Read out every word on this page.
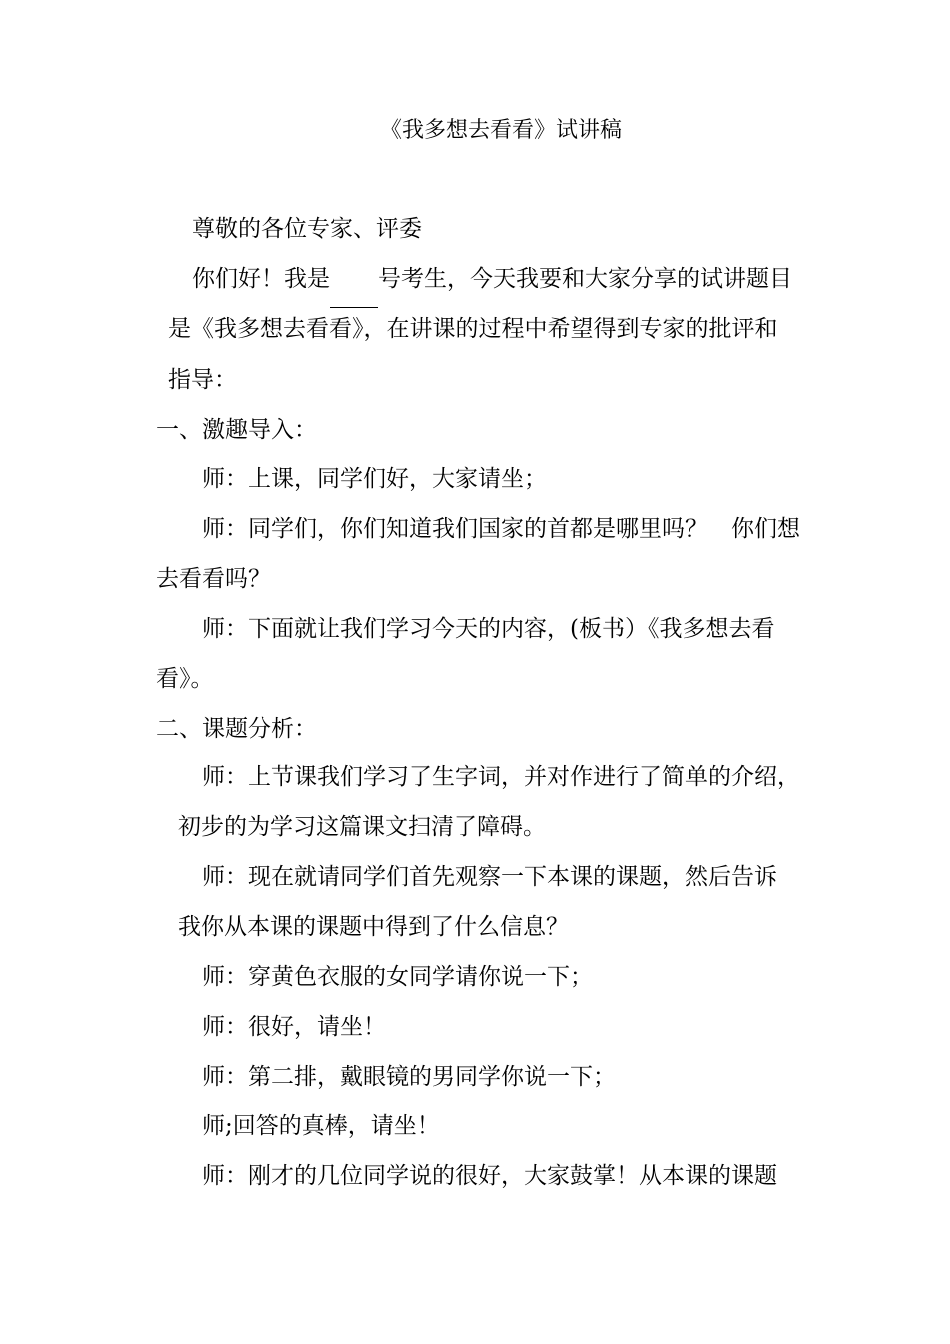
《我多想去看看》试讲稿
尊敬的各位专家、评委
你们好！我是 号考生，今天我要和大家分享的试讲题目
是《我多想去看看》，在讲课的过程中希望得到专家的批评和
指导：
一、激趣导入：
师：上课，同学们好，大家请坐；
师：同学们，你们知道我们国家的首都是哪里吗？　你们想
去看看吗？
师：下面就让我们学习今天的内容，(板书）《我多想去看
看》。
二、课题分析：
师：上节课我们学习了生字词，并对作进行了简单的介绍，
初步的为学习这篇课文扫清了障碍。
师：现在就请同学们首先观察一下本课的课题，然后告诉
我你从本课的课题中得到了什么信息？
师：穿黄色衣服的女同学请你说一下；
师：很好，请坐！
师：第二排，戴眼镜的男同学你说一下；
师;回答的真棒，请坐！
师：刚才的几位同学说的很好，大家鼓掌！从本课的课题
